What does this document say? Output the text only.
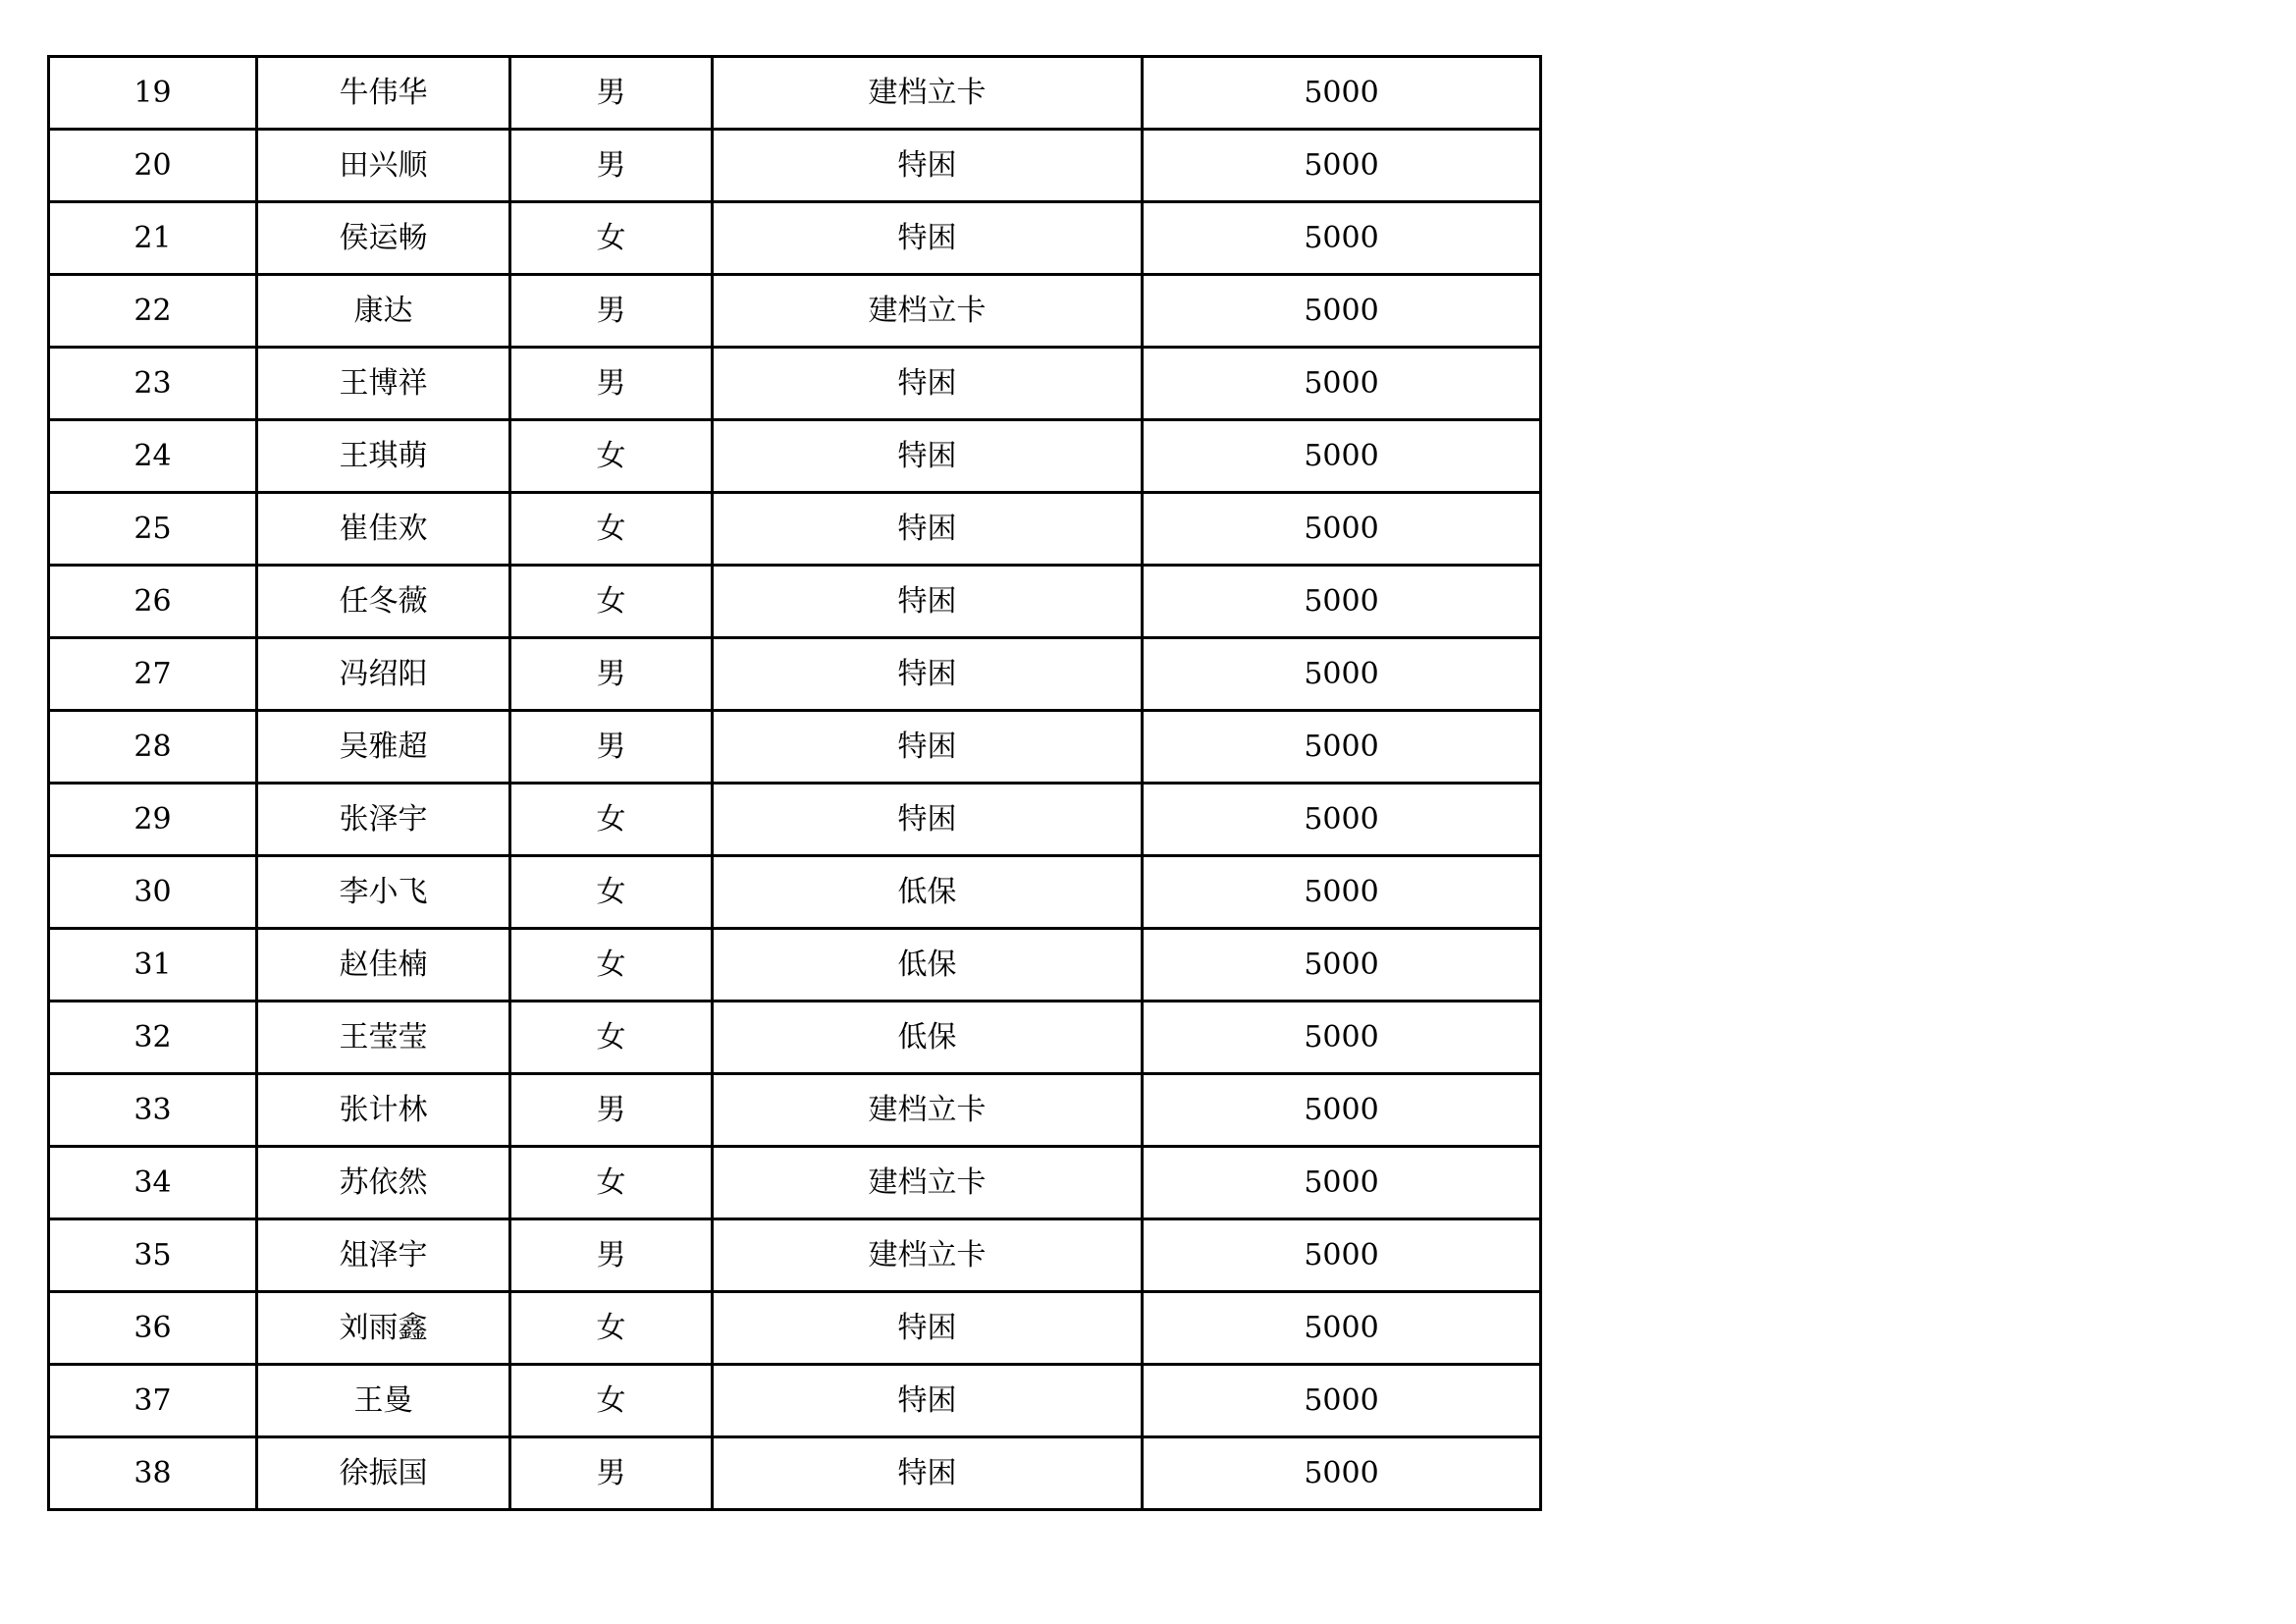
19	牛伟华	男	建档立卡	5000
20	田兴顺	男	特困	5000
21	侯运畅	女	特困	5000
22	康达	男	建档立卡	5000
23	王博祥	男	特困	5000
24	王琪萌	女	特困	5000
25	崔佳欢	女	特困	5000
26	任冬薇	女	特困	5000
27	冯绍阳	男	特困	5000
28	吴雅超	男	特困	5000
29	张泽宇	女	特困	5000
30	李小飞	女	低保	5000
31	赵佳楠	女	低保	5000
32	王莹莹	女	低保	5000
33	张计林	男	建档立卡	5000
34	苏依然	女	建档立卡	5000
35	俎泽宇	男	建档立卡	5000
36	刘雨鑫	女	特困	5000
37	王曼	女	特困	5000
38	徐振国	男	特困	5000
